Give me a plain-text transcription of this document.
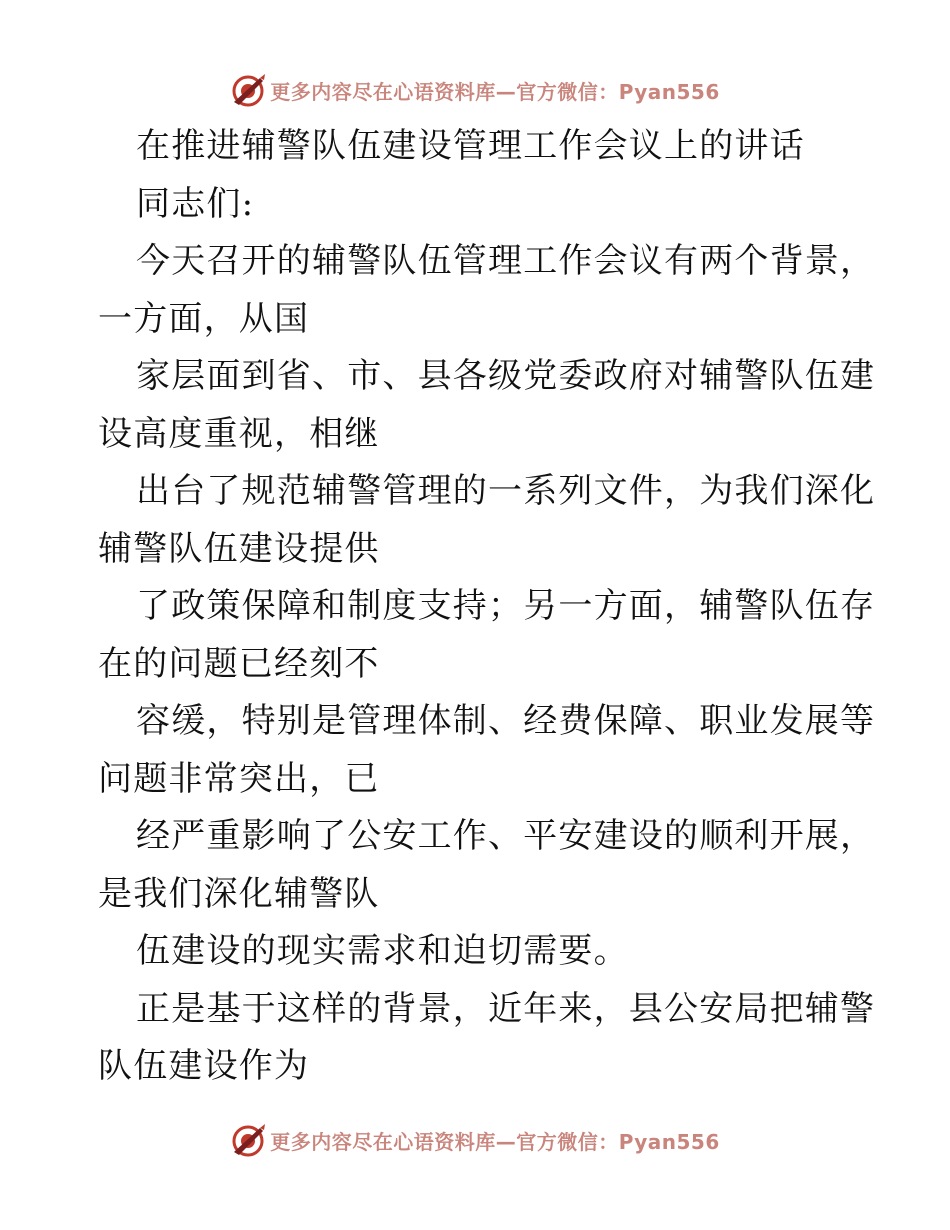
更多内容尽在心语资料库—官方微信：Pyan556
在推进辅警队伍建设管理工作会议上的讲话
同志们:
今天召开的辅警队伍管理工作会议有两个背景，
一方面，从国
家层面到省、市、县各级党委政府对辅警队伍建
设高度重视，相继
出台了规范辅警管理的一系列文件，为我们深化
辅警队伍建设提供
了政策保障和制度支持；另一方面，辅警队伍存
在的问题已经刻不
容缓，特别是管理体制、经费保障、职业发展等
问题非常突出，已
经严重影响了公安工作、平安建设的顺利开展，
是我们深化辅警队
伍建设的现实需求和迫切需要。
正是基于这样的背景，近年来，县公安局把辅警
队伍建设作为
更多内容尽在心语资料库—官方微信：Pyan556
